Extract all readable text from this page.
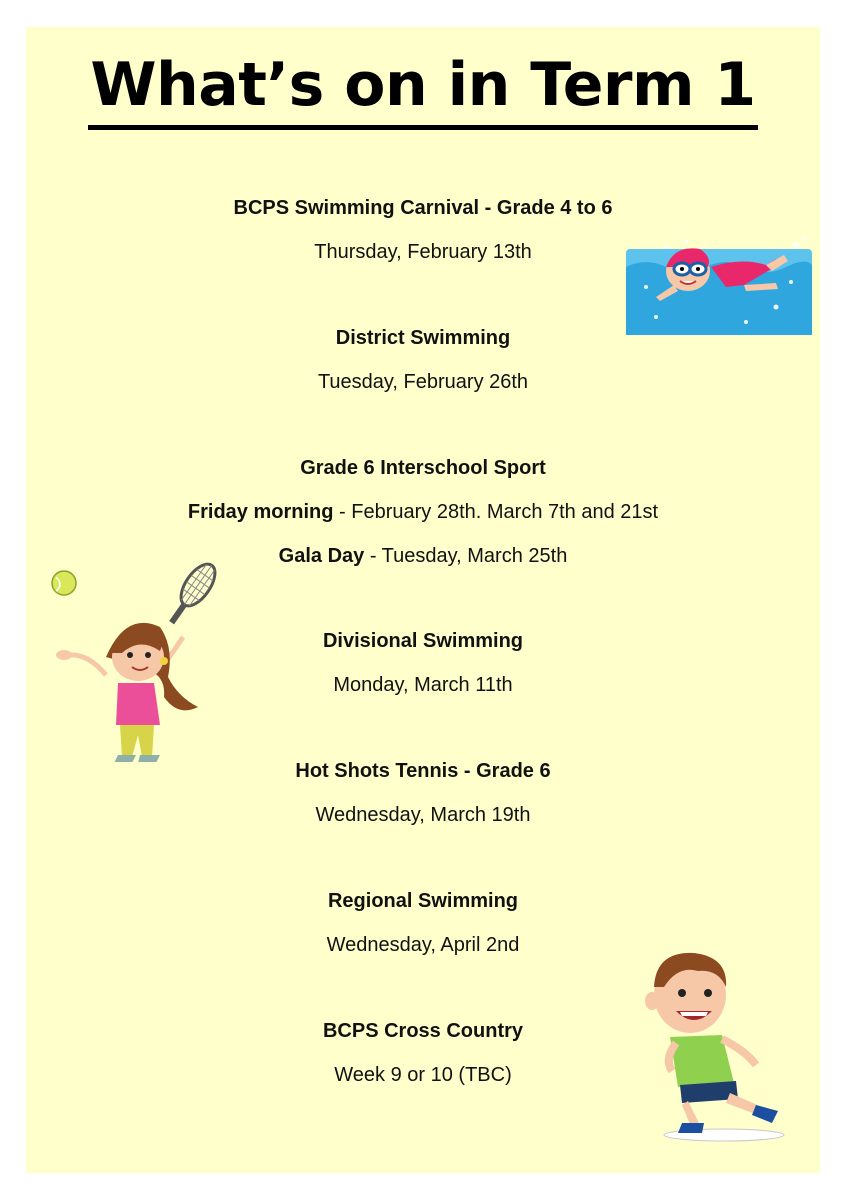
What’s on in Term 1
BCPS Swimming Carnival - Grade 4 to 6
Thursday, February 13th
District Swimming
Tuesday, February 26th
Grade 6 Interschool Sport
Friday morning - February 28th. March 7th and 21st
Gala Day - Tuesday, March 25th
Divisional Swimming
Monday, March 11th
Hot Shots Tennis - Grade 6
Wednesday, March 19th
Regional Swimming
Wednesday, April 2nd
BCPS Cross Country
Week 9 or 10 (TBC)
